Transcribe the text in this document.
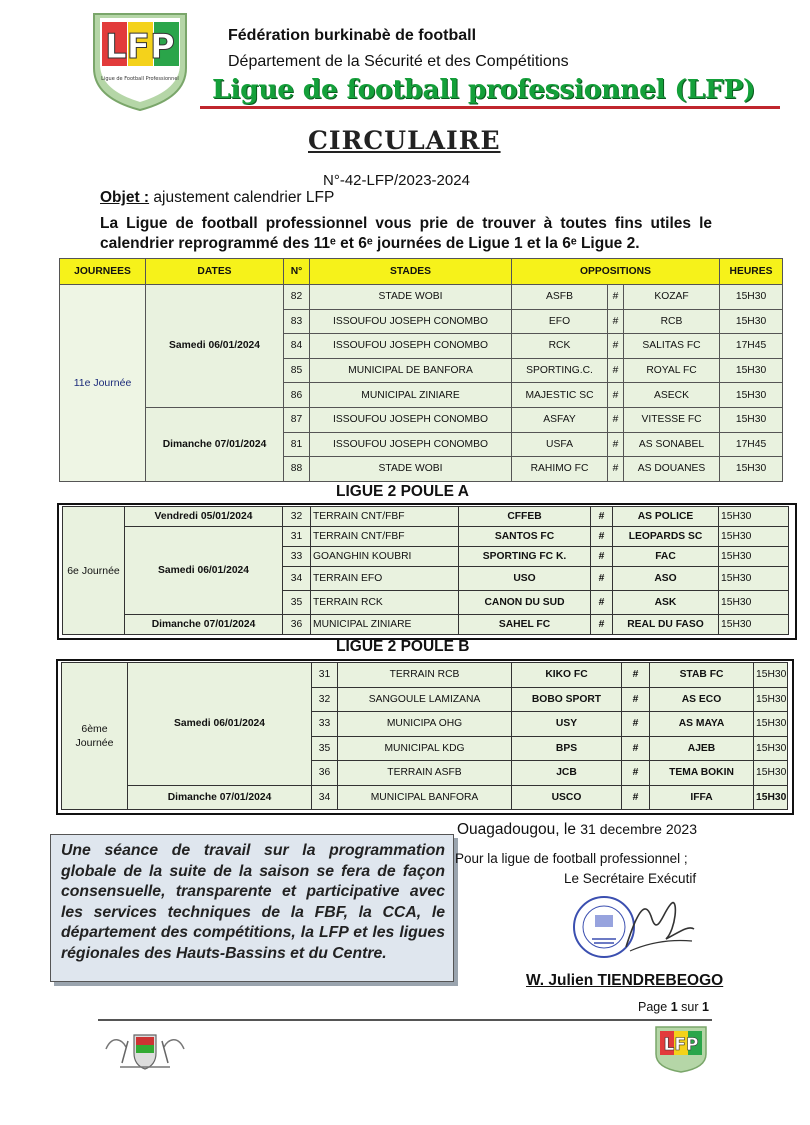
LFP
Ligue de Football Professionnel
Fédération burkinabè de football
Département de la Sécurité et des Compétitions
Ligue de football professionnel (LFP)
CIRCULAIRE
N°-42-LFP/2023-2024
Objet : ajustement calendrier LFP
La Ligue de football professionnel vous prie de trouver à toutes fins utiles le calendrier reprogrammé des 11ᵉ et 6ᵉ journées de Ligue 1 et la 6ᵉ Ligue 2.
JOURNEES	DATES	N°	STADES	OPPOSITIONS			HEURES
11e Journée	Samedi 06/01/2024	82	STADE WOBI	ASFB	#	KOZAF	15H30
		83	ISSOUFOU JOSEPH CONOMBO	EFO	#	RCB	15H30
		84	ISSOUFOU JOSEPH CONOMBO	RCK	#	SALITAS FC	17H45
		85	MUNICIPAL DE BANFORA	SPORTING.C.	#	ROYAL FC	15H30
		86	MUNICIPAL ZINIARE	MAJESTIC SC	#	ASECK	15H30
	Dimanche 07/01/2024	87	ISSOUFOU JOSEPH CONOMBO	ASFAY	#	VITESSE FC	15H30
		81	ISSOUFOU JOSEPH CONOMBO	USFA	#	AS SONABEL	17H45
		88	STADE WOBI	RAHIMO FC	#	AS DOUANES	15H30
LIGUE 2 POULE A
6e Journée	Vendredi 05/01/2024	32	TERRAIN CNT/FBF	CFFEB	#	AS POLICE	15H30
	Samedi 06/01/2024	31	TERRAIN CNT/FBF	SANTOS FC	#	LEOPARDS SC	15H30
		33	GOANGHIN KOUBRI	SPORTING FC K.	#	FAC	15H30
		34	TERRAIN EFO	USO	#	ASO	15H30
		35	TERRAIN RCK	CANON DU SUD	#	ASK	15H30
	Dimanche 07/01/2024	36	MUNICIPAL ZINIARE	SAHEL FC	#	REAL DU FASO	15H30
LIGUE 2 POULE B
6ème Journée	Samedi 06/01/2024	31	TERRAIN RCB	KIKO FC	#	STAB FC	15H30
		32	SANGOULE LAMIZANA	BOBO SPORT	#	AS ECO	15H30
		33	MUNICIPA OHG	USY	#	AS MAYA	15H30
		35	MUNICIPAL KDG	BPS	#	AJEB	15H30
		36	TERRAIN ASFB	JCB	#	TEMA BOKIN	15H30
	Dimanche 07/01/2024	34	MUNICIPAL BANFORA	USCO	#	IFFA	15H30
Une séance de travail sur la programmation globale de la suite de la saison se fera de façon consensuelle, transparente et participative avec les services techniques de la FBF, la CCA, le département des compétitions, la LFP et les ligues régionales des Hauts-Bassins et du Centre.
Ouagadougou, le 31 decembre 2023
Pour la ligue de football professionnel ;
Le Secrétaire Exécutif
W. Julien TIENDREBEOGO
Page 1 sur 1
LFP
